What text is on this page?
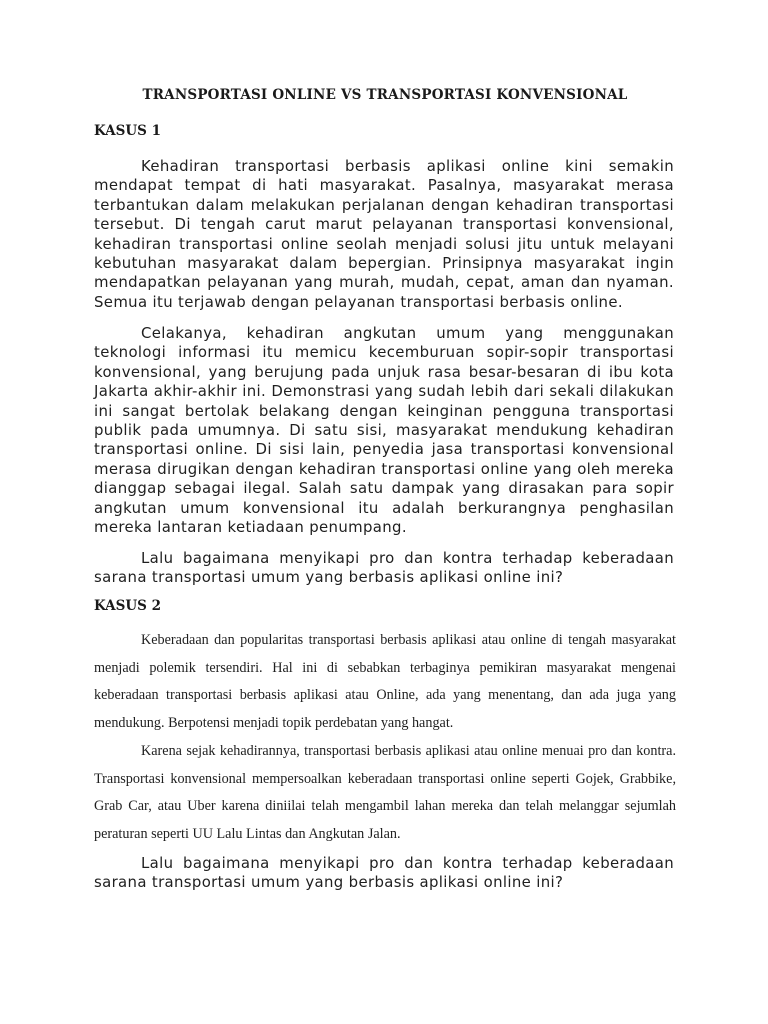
TRANSPORTASI ONLINE VS TRANSPORTASI KONVENSIONAL
KASUS 1

Kehadiran transportasi berbasis aplikasi online kini semakin mendapat tempat di hati masyarakat. Pasalnya, masyarakat merasa terbantukan dalam melakukan perjalanan dengan kehadiran transportasi tersebut. Di tengah carut marut pelayanan transportasi konvensional, kehadiran transportasi online seolah menjadi solusi jitu untuk melayani kebutuhan masyarakat dalam bepergian. Prinsipnya masyarakat ingin mendapatkan pelayanan yang murah, mudah, cepat, aman dan nyaman. Semua itu terjawab dengan pelayanan transportasi berbasis online.

Celakanya, kehadiran angkutan umum yang menggunakan teknologi informasi itu memicu kecemburuan sopir-sopir transportasi konvensional, yang berujung pada unjuk rasa besar-besaran di ibu kota Jakarta akhir-akhir ini. Demonstrasi yang sudah lebih dari sekali dilakukan ini sangat bertolak belakang dengan keinginan pengguna transportasi publik pada umumnya. Di satu sisi, masyarakat mendukung kehadiran transportasi online. Di sisi lain, penyedia jasa transportasi konvensional merasa dirugikan dengan kehadiran transportasi online yang oleh mereka dianggap sebagai ilegal. Salah satu dampak yang dirasakan para sopir angkutan umum konvensional itu adalah berkurangnya penghasilan mereka lantaran ketiadaan penumpang.

Lalu bagaimana menyikapi pro dan kontra terhadap keberadaan sarana transportasi umum yang berbasis aplikasi online ini?

KASUS 2

Keberadaan dan popularitas transportasi berbasis aplikasi atau online di tengah masyarakat menjadi polemik tersendiri. Hal ini di sebabkan terbaginya pemikiran masyarakat mengenai keberadaan transportasi berbasis aplikasi atau Online, ada yang menentang, dan ada juga yang mendukung. Berpotensi menjadi topik perdebatan yang hangat.

Karena sejak kehadirannya, transportasi berbasis aplikasi atau online menuai pro dan kontra. Transportasi konvensional mempersoalkan keberadaan transportasi online seperti Gojek, Grabbike, Grab Car, atau Uber karena diniilai telah mengambil lahan mereka dan telah melanggar sejumlah peraturan seperti UU Lalu Lintas dan Angkutan Jalan.

Lalu bagaimana menyikapi pro dan kontra terhadap keberadaan sarana transportasi umum yang berbasis aplikasi online ini?
